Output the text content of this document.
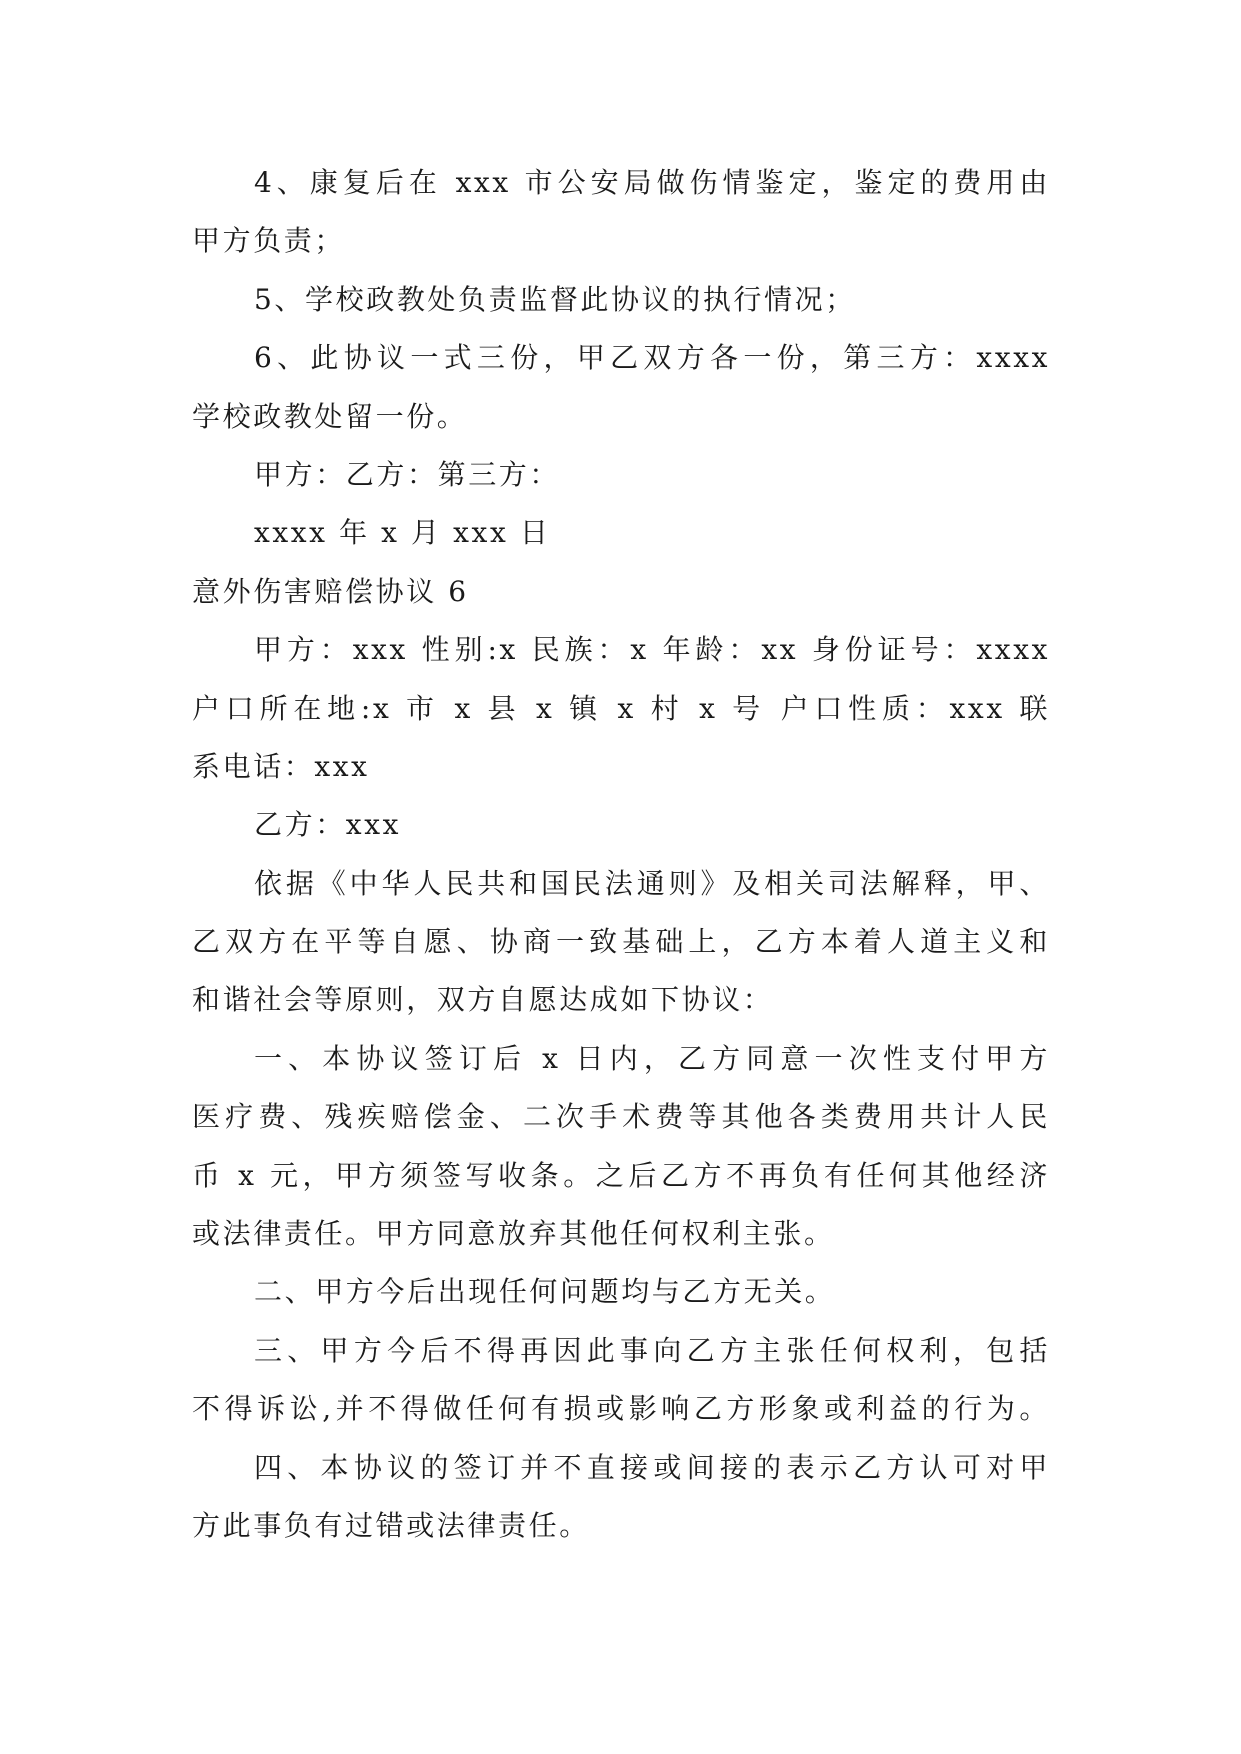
4、康复后在 xxx 市公安局做伤情鉴定，鉴定的费用由
甲方负责；
5、学校政教处负责监督此协议的执行情况；
6、此协议一式三份，甲乙双方各一份，第三方：xxxx
学校政教处留一份。
甲方：乙方：第三方：
xxxx 年 x 月 xxx 日
意外伤害赔偿协议 6
甲方：xxx 性别:x 民族：x 年龄：xx 身份证号：xxxx
户口所在地:x 市 x 县 x 镇 x 村 x 号 户口性质：xxx 联
系电话：xxx
乙方：xxx
依据《中华人民共和国民法通则》及相关司法解释，甲、
乙双方在平等自愿、协商一致基础上，乙方本着人道主义和
和谐社会等原则，双方自愿达成如下协议：
一、本协议签订后 x 日内，乙方同意一次性支付甲方
医疗费、残疾赔偿金、二次手术费等其他各类费用共计人民
币 x 元，甲方须签写收条。之后乙方不再负有任何其他经济
或法律责任。甲方同意放弃其他任何权利主张。
二、甲方今后出现任何问题均与乙方无关。
三、甲方今后不得再因此事向乙方主张任何权利，包括
不得诉讼,并不得做任何有损或影响乙方形象或利益的行为。
四、本协议的签订并不直接或间接的表示乙方认可对甲
方此事负有过错或法律责任。
